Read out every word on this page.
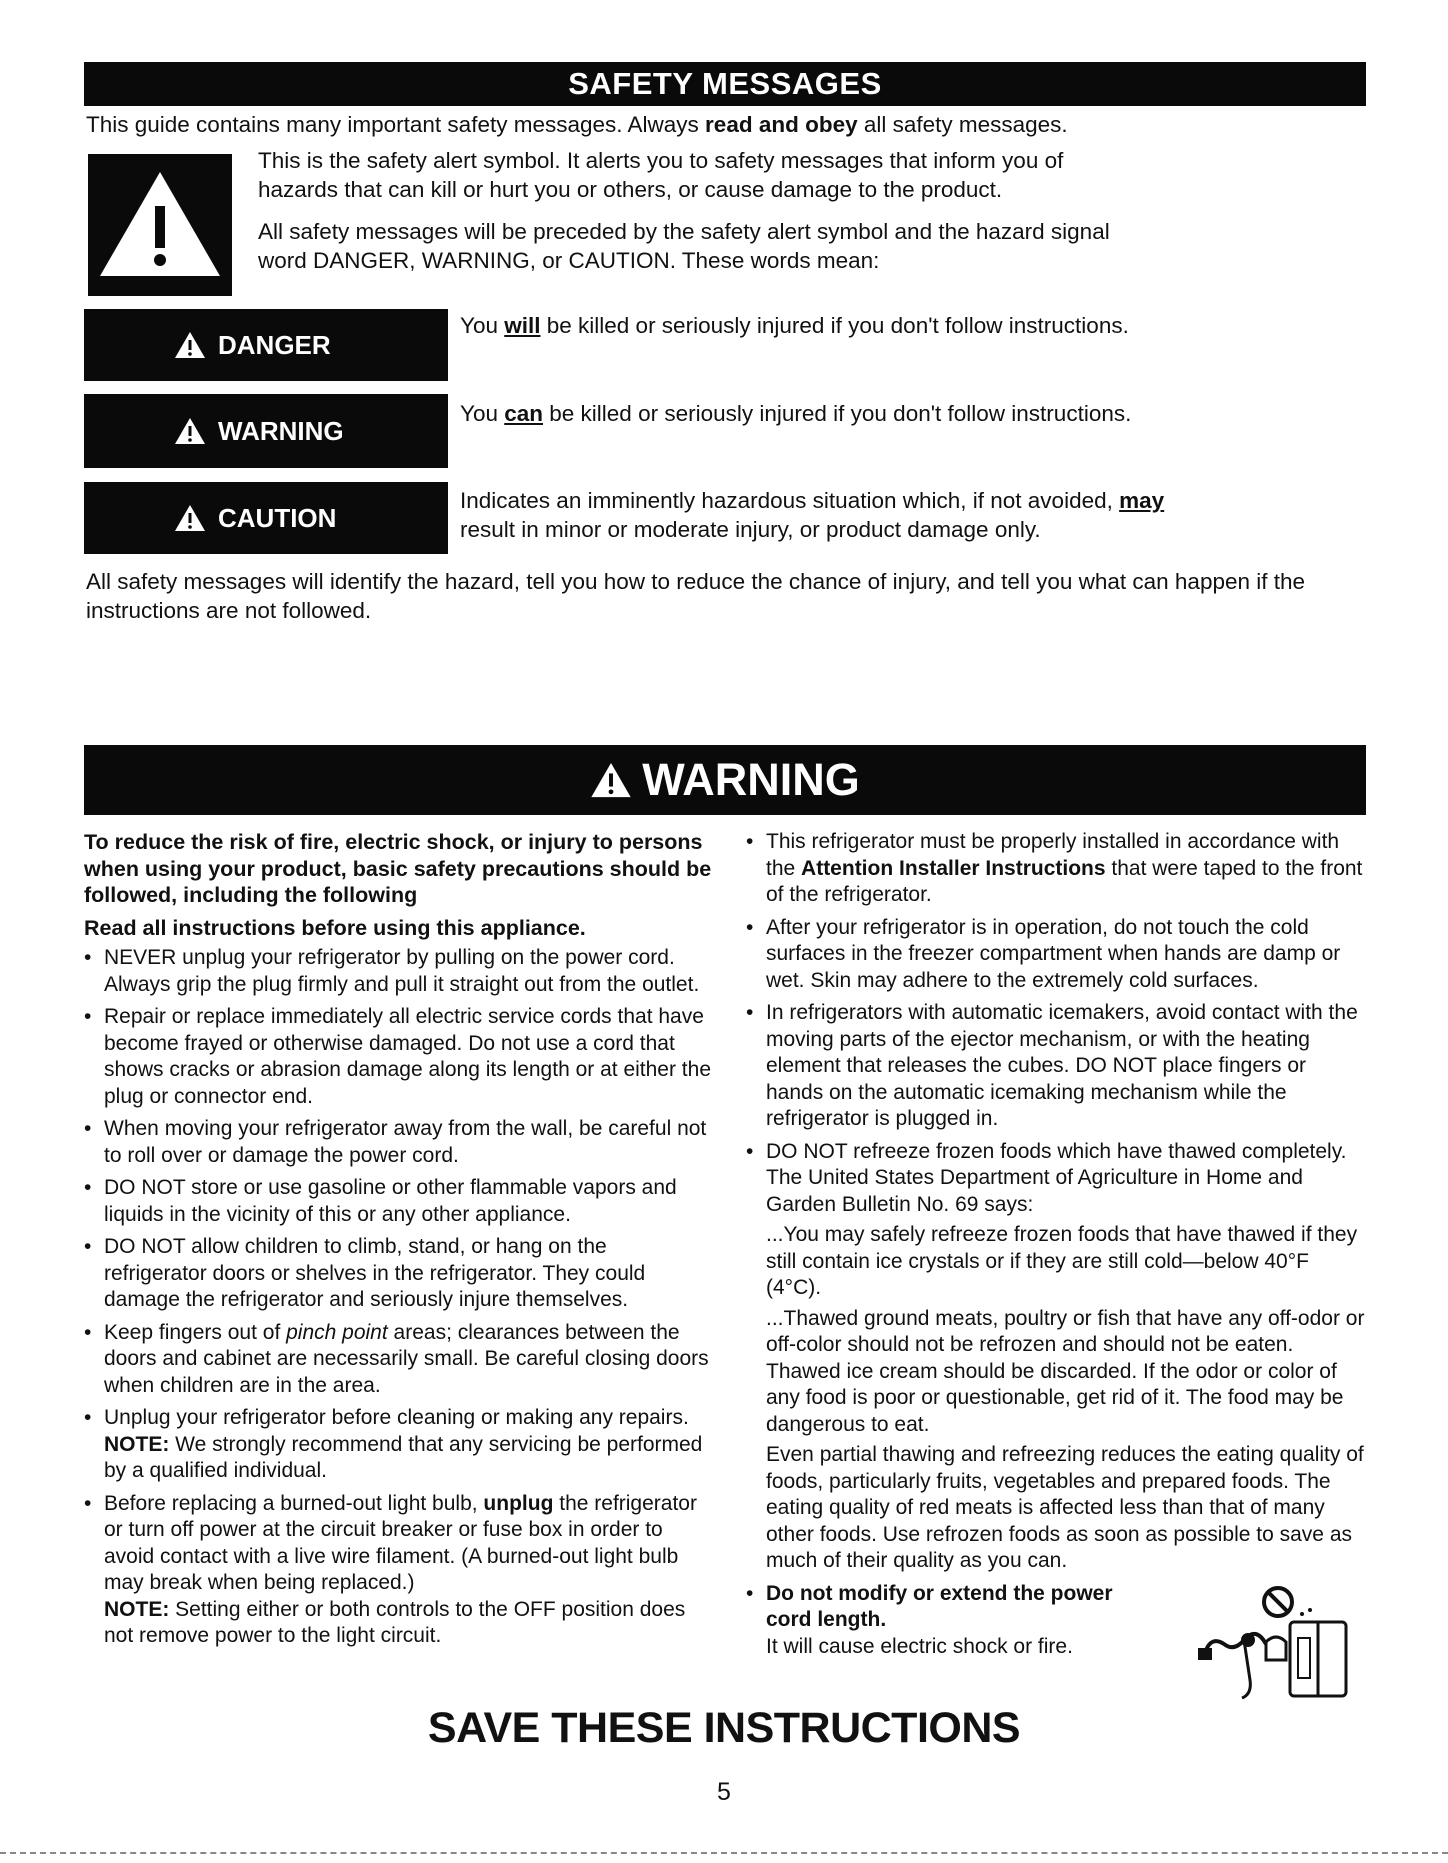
SAFETY MESSAGES
This guide contains many important safety messages. Always read and obey all safety messages.
This is the safety alert symbol. It alerts you to safety messages that inform you of hazards that can kill or hurt you or others, or cause damage to the product.
All safety messages will be preceded by the safety alert symbol and the hazard signal word DANGER, WARNING, or CAUTION. These words mean:
DANGER
You will be killed or seriously injured if you don't follow instructions.
WARNING
You can be killed or seriously injured if you don't follow instructions.
CAUTION
Indicates an imminently hazardous situation which, if not avoided, may result in minor or moderate injury, or product damage only.
All safety messages will identify the hazard, tell you how to reduce the chance of injury, and tell you what can happen if the instructions are not followed.
WARNING

To reduce the risk of fire, electric shock, or injury to persons when using your product, basic safety precautions should be followed, including the following

Read all instructions before using this appliance.

• NEVER unplug your refrigerator by pulling on the power cord. Always grip the plug firmly and pull it straight out from the outlet.
• Repair or replace immediately all electric service cords that have become frayed or otherwise damaged. Do not use a cord that shows cracks or abrasion damage along its length or at either the plug or connector end.
• When moving your refrigerator away from the wall, be careful not to roll over or damage the power cord.
• DO NOT store or use gasoline or other flammable vapors and liquids in the vicinity of this or any other appliance.
• DO NOT allow children to climb, stand, or hang on the refrigerator doors or shelves in the refrigerator. They could damage the refrigerator and seriously injure themselves.
• Keep fingers out of pinch point areas; clearances between the doors and cabinet are necessarily small. Be careful closing doors when children are in the area.
• Unplug your refrigerator before cleaning or making any repairs.
NOTE: We strongly recommend that any servicing be performed by a qualified individual.
• Before replacing a burned-out light bulb, unplug the refrigerator or turn off power at the circuit breaker or fuse box in order to avoid contact with a live wire filament. (A burned-out light bulb may break when being replaced.)
NOTE: Setting either or both controls to the OFF position does not remove power to the light circuit.
• This refrigerator must be properly installed in accordance with the Attention Installer Instructions that were taped to the front of the refrigerator.
• After your refrigerator is in operation, do not touch the cold surfaces in the freezer compartment when hands are damp or wet. Skin may adhere to the extremely cold surfaces.
• In refrigerators with automatic icemakers, avoid contact with the moving parts of the ejector mechanism, or with the heating element that releases the cubes. DO NOT place fingers or hands on the automatic icemaking mechanism while the refrigerator is plugged in.
• DO NOT refreeze frozen foods which have thawed completely. The United States Department of Agriculture in Home and Garden Bulletin No. 69 says:

...You may safely refreeze frozen foods that have thawed if they still contain ice crystals or if they are still cold—below 40°F (4°C).

...Thawed ground meats, poultry or fish that have any off-odor or off-color should not be refrozen and should not be eaten. Thawed ice cream should be discarded. If the odor or color of any food is poor or questionable, get rid of it. The food may be dangerous to eat.

Even partial thawing and refreezing reduces the eating quality of foods, particularly fruits, vegetables and prepared foods. The eating quality of red meats is affected less than that of many other foods. Use refrozen foods as soon as possible to save as much of their quality as you can.

• Do not modify or extend the power cord length.
It will cause electric shock or fire.
SAVE THESE INSTRUCTIONS
5
